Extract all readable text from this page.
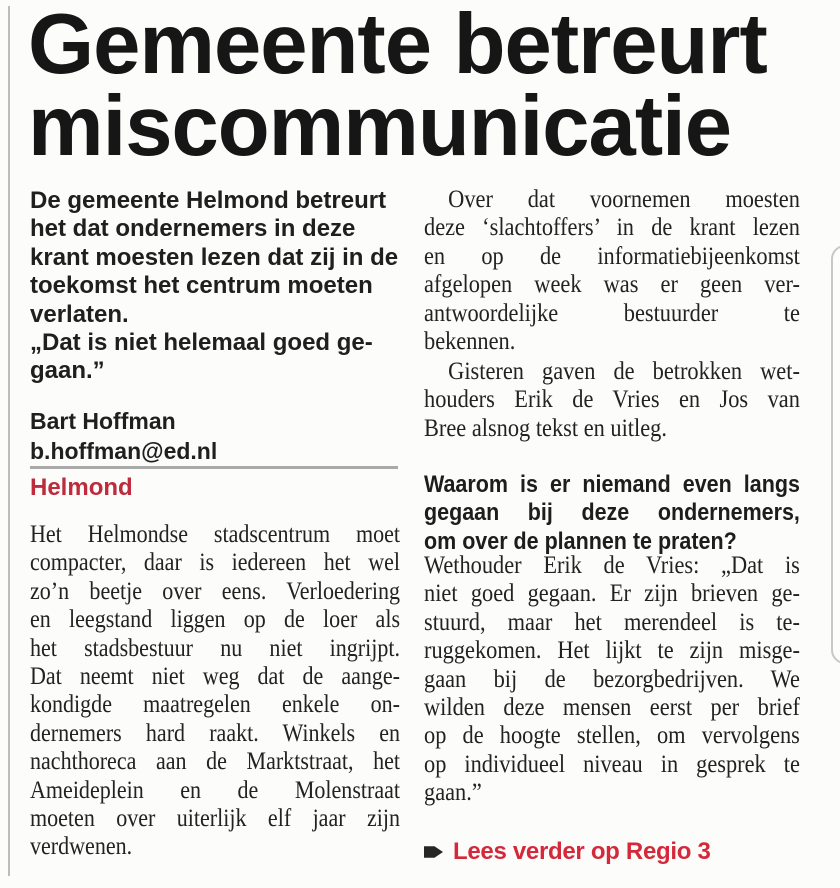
Gemeente betreurt
miscommunicatie
De gemeente Helmond betreurt
het dat ondernemers in deze
krant moesten lezen dat zij in de
toekomst het centrum moeten
verlaten.
„Dat is niet helemaal goed ge-
gaan.”
Bart Hoffman
b.hoffman@ed.nl
Helmond
Het Helmondse stadscentrum moet
compacter, daar is iedereen het wel
zo’n beetje over eens. Verloedering
en leegstand liggen op de loer als
het stadsbestuur nu niet ingrijpt.
Dat neemt niet weg dat de aange-
kondigde maatregelen enkele on-
dernemers hard raakt. Winkels en
nachthoreca aan de Marktstraat, het
Ameideplein en de Molenstraat
moeten over uiterlijk elf jaar zijn
verdwenen.
Over dat voornemen moesten
deze ‘slachtoffers’ in de krant lezen
en op de informatiebijeenkomst
afgelopen week was er geen ver-
antwoordelijke bestuurder te
bekennen.
Gisteren gaven de betrokken wet-
houders Erik de Vries en Jos van
Bree alsnog tekst en uitleg.
Waarom is er niemand even langs
gegaan bij deze ondernemers,
om over de plannen te praten?
Wethouder Erik de Vries: „Dat is
niet goed gegaan. Er zijn brieven ge-
stuurd, maar het merendeel is te-
ruggekomen. Het lijkt te zijn misge-
gaan bij de bezorgbedrijven. We
wilden deze mensen eerst per brief
op de hoogte stellen, om vervolgens
op individueel niveau in gesprek te
gaan.”
Lees verder op Regio 3
